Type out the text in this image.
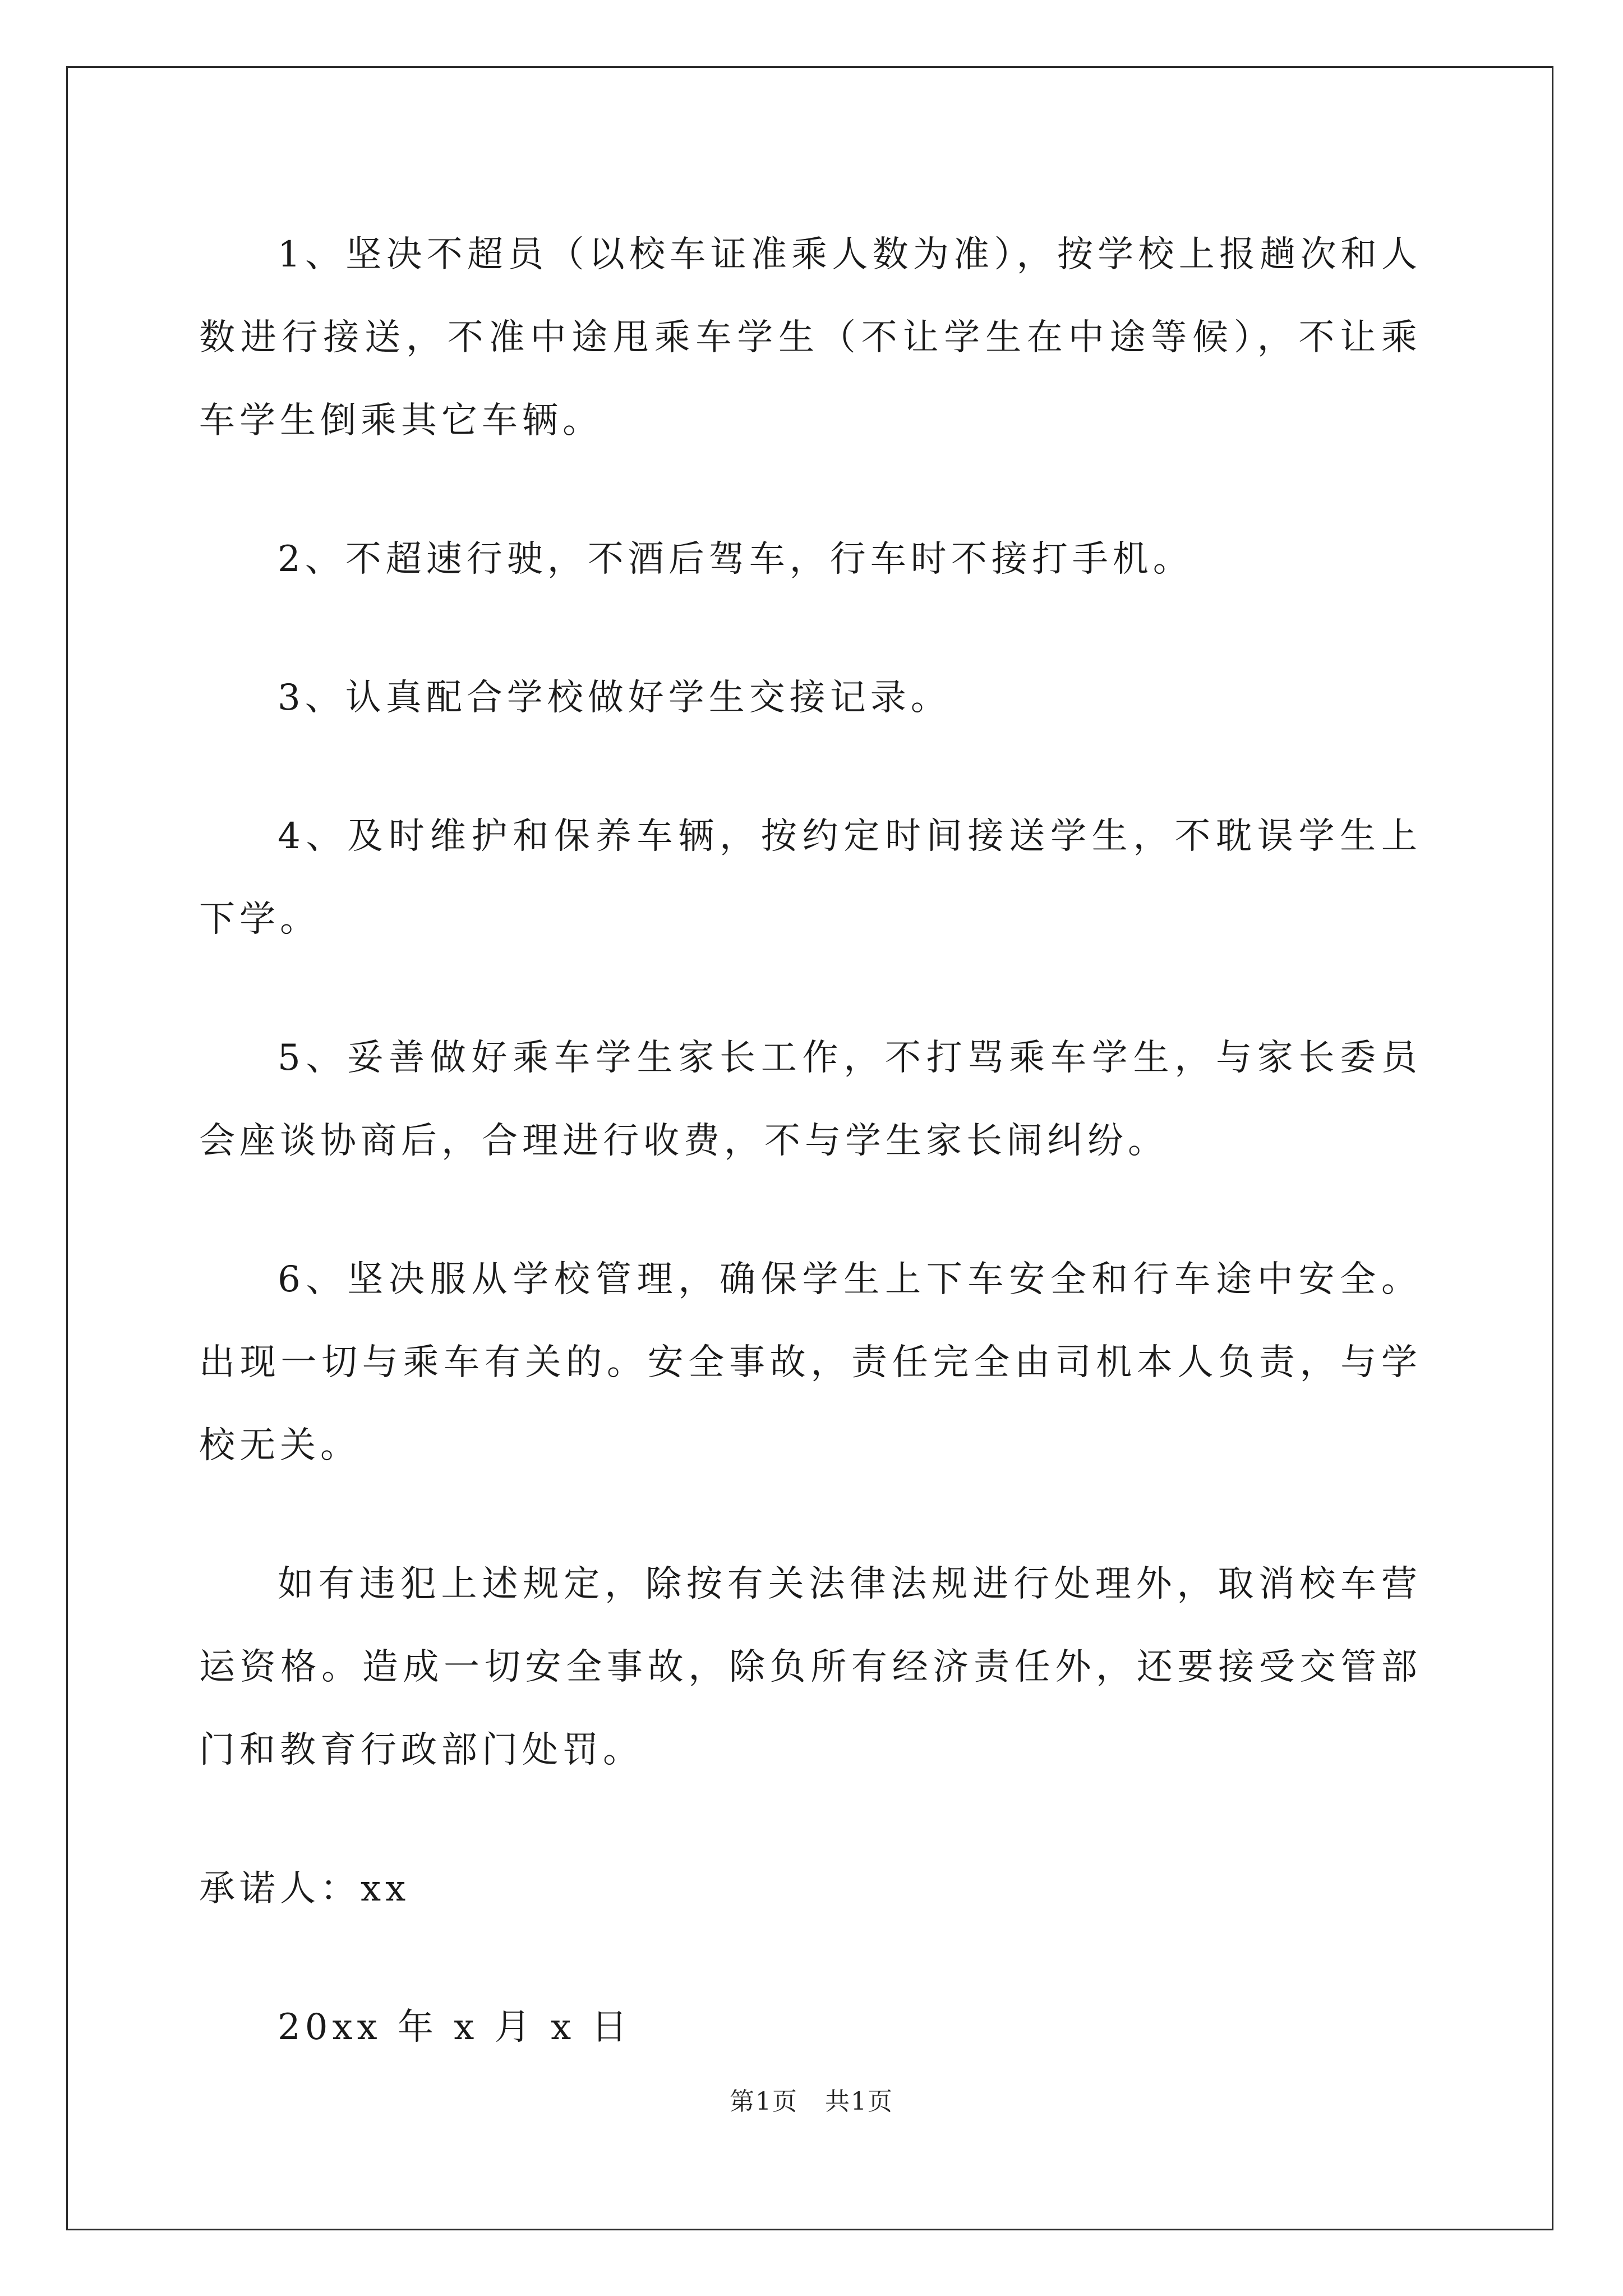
1、坚决不超员（以校车证准乘人数为准），按学校上报趟次和人数进行接送，不准中途甩乘车学生（不让学生在中途等候），不让乘车学生倒乘其它车辆。

2、不超速行驶，不酒后驾车，行车时不接打手机。

3、认真配合学校做好学生交接记录。

4、及时维护和保养车辆，按约定时间接送学生，不耽误学生上下学。

5、妥善做好乘车学生家长工作，不打骂乘车学生，与家长委员会座谈协商后，合理进行收费，不与学生家长闹纠纷。

6、坚决服从学校管理，确保学生上下车安全和行车途中安全。出现一切与乘车有关的。安全事故，责任完全由司机本人负责，与学校无关。

如有违犯上述规定，除按有关法律法规进行处理外，取消校车营运资格。造成一切安全事故，除负所有经济责任外，还要接受交管部门和教育行政部门处罚。

承诺人：xx

20xx 年 x 月 x 日

第1页 共1页
